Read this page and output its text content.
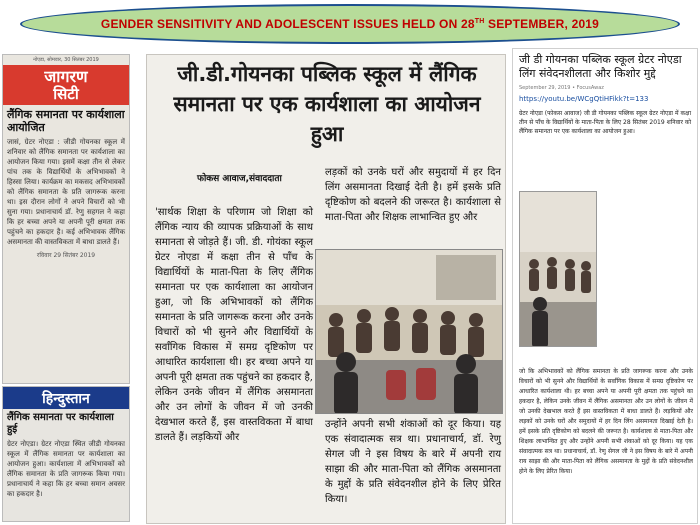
GENDER SENSITIVITY AND ADOLESCENT ISSUES HELD ON 28TH SEPTEMBER, 2019
नोएडा, सोमवार, 30 सितंबर 2019
जागरण
सिटी
लैंगिक समानता पर कार्यशाला आयोजित
जासं, ग्रेटर नोएडा : जीडी गोयनका स्कूल में शनिवार को लैंगिक समानता पर कार्यशाला का आयोजन किया गया। इसमें कक्षा तीन से लेकर पांच तक के विद्यार्थियों के अभिभावकों ने हिस्सा लिया। कार्यक्रम का मकसद अभिभावकों को लैंगिक समानता के प्रति जागरूक करना था। इस दौरान लोगों ने अपने विचारों को भी सुना गया। प्रधानाचार्य डॉ. रेणु सहगल ने कहा कि हर बच्चा अपने या अपनी पूरी क्षमता तक पहुंचने का हकदार है। कई अभिभावक लैंगिक असमानता की वास्तविकता में बाधा डालते हैं।
रविवार 29 सितंबर 2019
हिन्दुस्तान
लैंगिक समानता पर कार्यशाला हुई
ग्रेटर नोएडा। ग्रेटर नोएडा स्थित जीडी गोयनका स्कूल में लैंगिक समानता पर कार्यशाला का आयोजन हुआ। कार्यशाला में अभिभावकों को लैंगिक समानता के प्रति जागरूक किया गया। प्रधानाचार्य ने कहा कि हर बच्चा समान अवसर का हकदार है।
जी.डी.गोयनका पब्लिक स्कूल में लैंगिक समानता पर एक कार्यशाला का आयोजन हुआ
फोकस आवाज,संवाददाता
'सार्थक शिक्षा के परिणाम जो शिक्षा को लैंगिक न्याय की व्यापक प्रक्रियाओं के साथ समानता से जोड़ते हैं। जी. डी. गोयंका स्कूल ग्रेटर नोएडा में कक्षा तीन से पाँच के विद्यार्थियों के माता-पिता के लिए लैंगिक समानता पर एक कार्यशाला का आयोजन हुआ, जो कि अभिभावकों को लैंगिक समानता के प्रति जागरूक करना और उनके विचारों को भी सुनने और विद्यार्थियों के सर्वांगिक विकास में समग्र दृष्टिकोण पर आधारित कार्यशाला थी। हर बच्चा अपने या अपनी पूरी क्षमता तक पहुंचने का हकदार है, लेकिन उनके जीवन में लैंगिक असमानता और उन लोगों के जीवन में जो उनकी देखभाल करते हैं, इस वास्तविकता में बाधा डालते हैं। लड़कियों और
लड़कों को उनके घरों और समुदायों में हर दिन लिंग असमानता दिखाई देती है। हमें इसके प्रति दृष्टिकोण को बदलने की जरूरत है। कार्यशाला से माता-पिता और शिक्षक लाभान्वित हुए और
उन्होंने अपनी सभी शंकाओं को दूर किया। यह एक संवादात्मक सत्र था। प्रधानाचार्य, डॉ. रेणु सेगल जी ने इस विषय के बारे में अपनी राय साझा की और माता-पिता को लैंगिक असमानता के मुद्दों के प्रति संवेदनशील होने के लिए प्रेरित किया।
जी डी गोयनका पब्लिक स्कूल ग्रेटर नोएडा लिंग संवेदनशीलता और किशोर मुद्दे
September 29, 2019 • FocusAwaz
https://youtu.be/WCgQtiHFikk?t=133
ग्रेटर नोएडा (फोकस आवाज) जी डी गोयनका पब्लिक स्कूल ग्रेटर नोएडा में कक्षा तीन से पाँच के विद्यार्थियों के माता-पिता के लिए 28 सितंबर 2019 शनिवार को लैंगिक समानता पर एक कार्यशाला का आयोजन हुआ।
जो कि अभिभावकों को लैंगिक समानता के प्रति जागरूक करना और उनके विचारों को भी सुनने और विद्यार्थियों के सर्वांगिक विकास में समग्र दृष्टिकोण पर आधारित कार्यशाला थी। हर बच्चा अपने या अपनी पूरी क्षमता तक पहुंचने का हकदार है, लेकिन उनके जीवन में लैंगिक असमानता और उन लोगों के जीवन में जो उनकी देखभाल करते हैं इस वास्तविकता में बाधा डालते हैं। लड़कियों और लड़कों को उनके घरों और समुदायों में हर दिन लिंग असमानता दिखाई देती है। हमें इसके प्रति दृष्टिकोण को बदलने की जरूरत है। कार्यशाला से माता-पिता और शिक्षक लाभान्वित हुए और उन्होंने अपनी सभी शंकाओं को दूर किया। यह एक संवादात्मक सत्र था। प्रधानाचार्य, डॉ. रेणु सेगल जी ने इस विषय के बारे में अपनी राय साझा की और माता-पिता को लैंगिक असमानता के मुद्दों के प्रति संवेदनशील होने के लिए प्रेरित किया।
